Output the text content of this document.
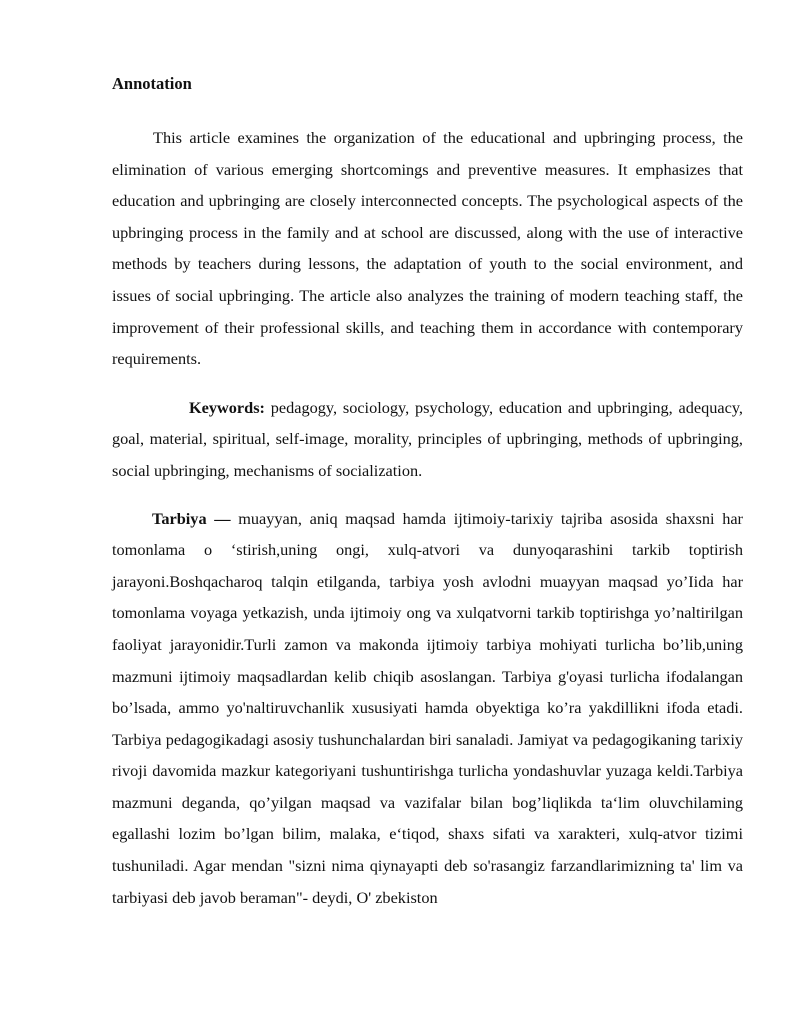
Annotation

This article examines the organization of the educational and upbringing process, the elimination of various emerging shortcomings and preventive measures. It emphasizes that education and upbringing are closely interconnected concepts. The psychological aspects of the upbringing process in the family and at school are discussed, along with the use of interactive methods by teachers during lessons, the adaptation of youth to the social environment, and issues of social upbringing. The article also analyzes the training of modern teaching staff, the improvement of their professional skills, and teaching them in accordance with contemporary requirements.

Keywords: pedagogy, sociology, psychology, education and upbringing, adequacy, goal, material, spiritual, self-image, morality, principles of upbringing, methods of upbringing, social upbringing, mechanisms of socialization.

Tarbiya — muayyan, aniq maqsad hamda ijtimoiy-tarixiy tajriba asosida shaxsni har tomonlama o ‘stirish,uning ongi, xulq-atvori va dunyoqarashini tarkib toptirish jarayoni.Boshqacharoq talqin etilganda, tarbiya yosh avlodni muayyan maqsad yo’Iida har tomonlama voyaga yetkazish, unda ijtimoiy ong va xulqatvorni tarkib toptirishga yo’naltirilgan faoliyat jarayonidir.Turli zamon va makonda ijtimoiy tarbiya mohiyati turlicha bo’lib,uning mazmuni ijtimoiy maqsadlardan kelib chiqib asoslangan. Tarbiya g'oyasi turlicha ifodalangan bo’lsada, ammo yo'naltiruvchanlik xususiyati hamda obyektiga ko’ra yakdillikni ifoda etadi. Tarbiya pedagogikadagi asosiy tushunchalardan biri sanaladi. Jamiyat va pedagogikaning tarixiy rivoji davomida mazkur kategoriyani tushuntirishga turlicha yondashuvlar yuzaga keldi.Tarbiya mazmuni deganda, qo’yilgan maqsad va vazifalar bilan bog’liqlikda ta‘lim oluvchilaming egallashi lozim bo’lgan bilim, malaka, e‘tiqod, shaxs sifati va xarakteri, xulq-atvor tizimi tushuniladi. Agar mendan "sizni nima qiynayapti deb so'rasangiz farzandlarimizning ta' lim va tarbiyasi deb javob beraman"- deydi, O' zbekiston
